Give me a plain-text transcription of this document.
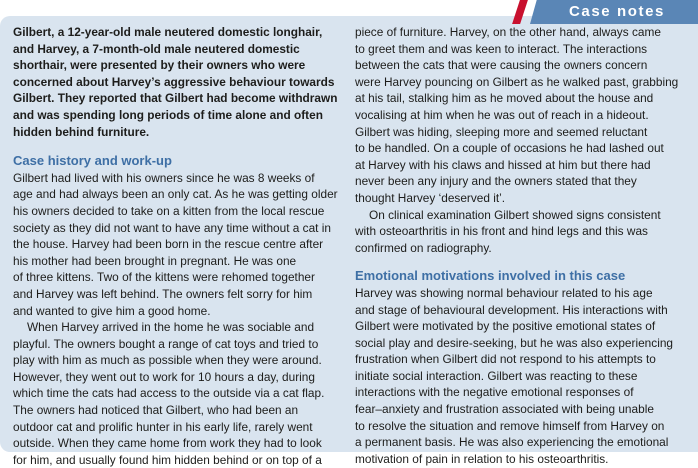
Case notes

Gilbert, a 12-year-old male neutered domestic longhair,
and Harvey, a 7-month-old male neutered domestic
shorthair, were presented by their owners who were
concerned about Harvey’s aggressive behaviour towards
Gilbert. They reported that Gilbert had become withdrawn
and was spending long periods of time alone and often
hidden behind furniture.

Case history and work-up

Gilbert had lived with his owners since he was 8 weeks of
age and had always been an only cat. As he was getting older
his owners decided to take on a kitten from the local rescue
society as they did not want to have any time without a cat in
the house. Harvey had been born in the rescue centre after
his mother had been brought in pregnant. He was one
of three kittens. Two of the kittens were rehomed together
and Harvey was left behind. The owners felt sorry for him
and wanted to give him a good home.

When Harvey arrived in the home he was sociable and
playful. The owners bought a range of cat toys and tried to
play with him as much as possible when they were around.
However, they went out to work for 10 hours a day, during
which time the cats had access to the outside via a cat flap.
The owners had noticed that Gilbert, who had been an
outdoor cat and prolific hunter in his early life, rarely went
outside. When they came home from work they had to look
for him, and usually found him hidden behind or on top of a

piece of furniture. Harvey, on the other hand, always came
to greet them and was keen to interact. The interactions
between the cats that were causing the owners concern
were Harvey pouncing on Gilbert as he walked past, grabbing
at his tail, stalking him as he moved about the house and
vocalising at him when he was out of reach in a hideout.
Gilbert was hiding, sleeping more and seemed reluctant
to be handled. On a couple of occasions he had lashed out
at Harvey with his claws and hissed at him but there had
never been any injury and the owners stated that they
thought Harvey ‘deserved it’.

On clinical examination Gilbert showed signs consistent
with osteoarthritis in his front and hind legs and this was
confirmed on radiography.

Emotional motivations involved in this case

Harvey was showing normal behaviour related to his age
and stage of behavioural development. His interactions with
Gilbert were motivated by the positive emotional states of
social play and desire-seeking, but he was also experiencing
frustration when Gilbert did not respond to his attempts to
initiate social interaction. Gilbert was reacting to these
interactions with the negative emotional responses of
fear–anxiety and frustration associated with being unable
to resolve the situation and remove himself from Harvey on
a permanent basis. He was also experiencing the emotional
motivation of pain in relation to his osteoarthritis.
